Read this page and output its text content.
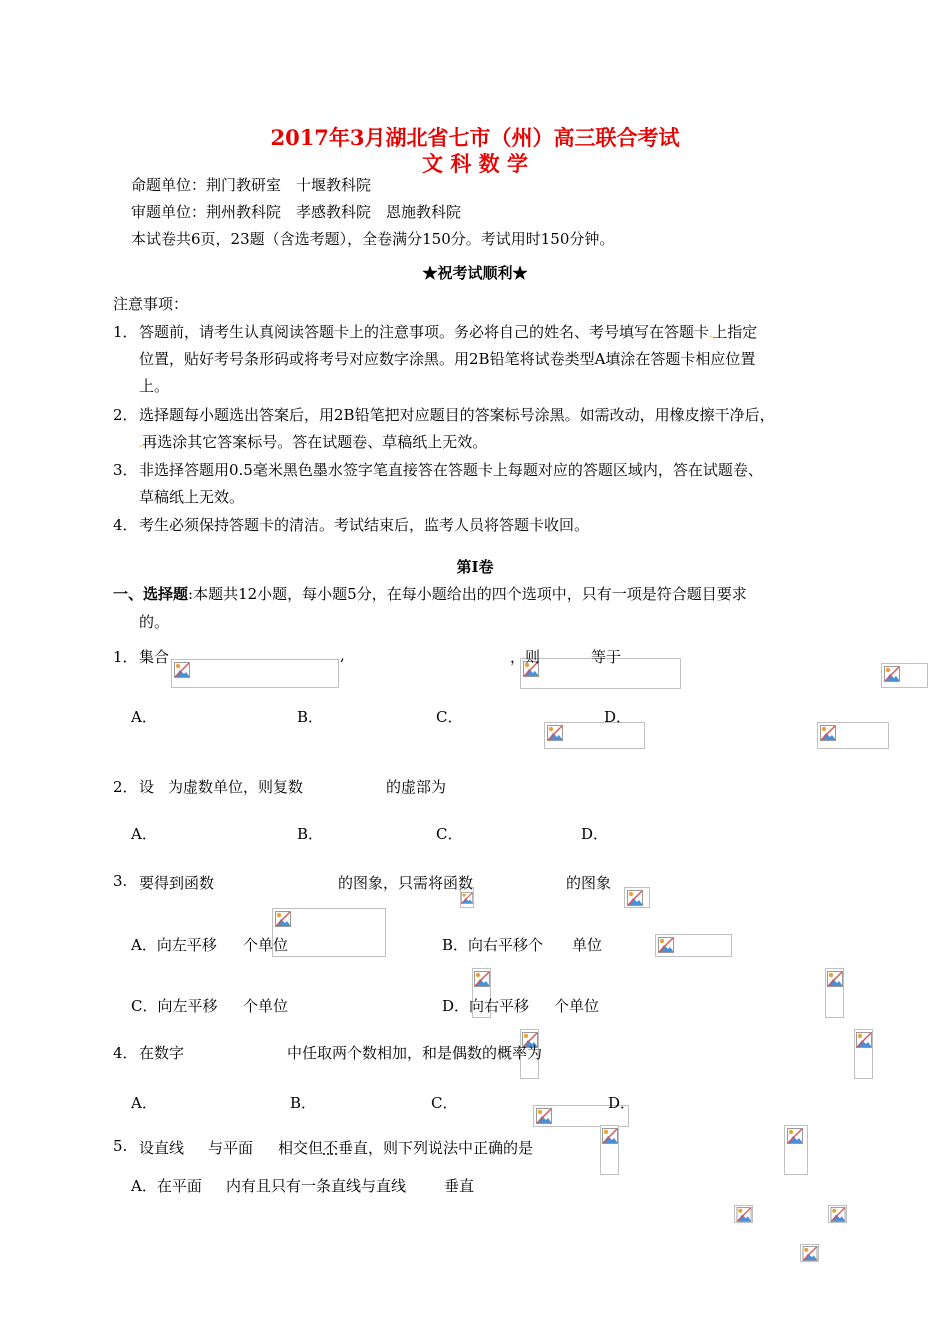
2017年3月湖北省七市（州）高三联合考试
文 科 数 学
命题单位：荆门教研室　十堰教科院
审题单位：荆州教科院　孝感教科院　恩施教科院
本试卷共6页，23题（含选考题），全卷满分150分。考试用时150分钟。
★祝考试顺利★
注意事项：
1． 答题前，请考生认真阅读答题卡上的注意事项。务必将自己的姓名、考号填写在答题卡.上指定
位置，贴好考号条形码或将考号对应数字涂黑。用2B铅笔将试卷类型A填涂在答题卡相应位置
上。
2． 选择题每小题选出答案后，用2B铅笔把对应题目的答案标号涂黑。如需改动，用橡皮擦干净后，
.再选涂其它答案标号。答在试题卷、草稿纸上无效。
3． 非选择答题用0.5毫米黑色墨水签字笔直接答在答题卡上每题对应的答题区域内，答在试题卷、
草稿纸上无效。
4． 考生必须保持答题卡的清洁。考试结束后，监考人员将答题卡收回。
第Ⅰ卷
一、选择题:本题共12小题，每小题5分，在每小题给出的四个选项中，只有一项是符合题目要求
的。
1． 集合
	,
	，则
	等于
A．
	B．
	C．
	D．

2． 设
为虚数单位，则复数
	的虚部为
A．
	B．
	C．
	D．

3. 要得到函数
	的图象，只需将函数
	的图象
A．向左平移
个单位	B．向右平移个
单位
C．向左平移
个单位	D．向右平移
个单位
4． 在数字
	中任取两个数相加，和是偶数的概率为
A．
	B．
	C．
	D．

5. 设直线
与平面
相交但不垂直，则下列说法中正确的是
A．在平面
内有且只有一条直线与直线	垂直
